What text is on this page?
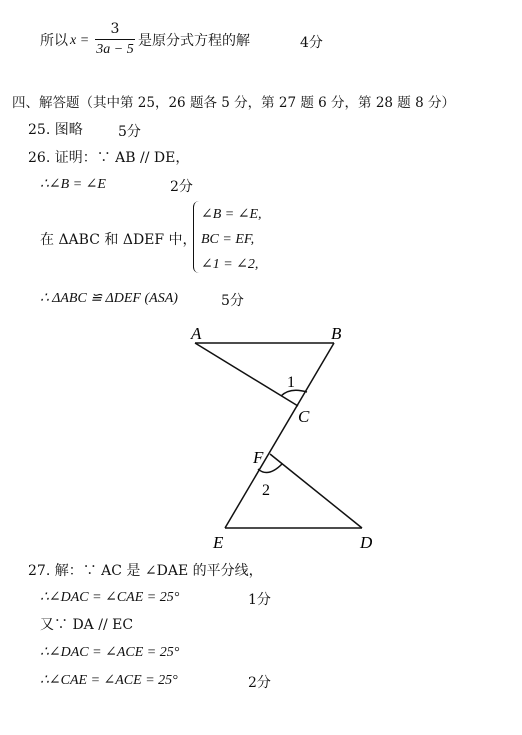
所以 x =
3
3a − 5
是原分式方程的解	4分
四、解答题（其中第 25，26 题各 5 分，第 27 题 6 分，第 28 题 8 分）
25. 图略	5分
26. 证明：∵ AB // DE，
∴∠B = ∠E	2分
在 ΔABC 和 ΔDEF 中，
∠B = ∠E,
BC = EF,
∠1 = ∠2,
∴ ΔABC ≌ ΔDEF (ASA)	5分
A	B
C
F
E	D
1
2
27. 解：∵ AC 是 ∠DAE 的平分线，
∴∠DAC = ∠CAE = 25°	1分
又∵ DA // EC
∴∠DAC = ∠ACE = 25°
∴∠CAE = ∠ACE = 25°	2分
